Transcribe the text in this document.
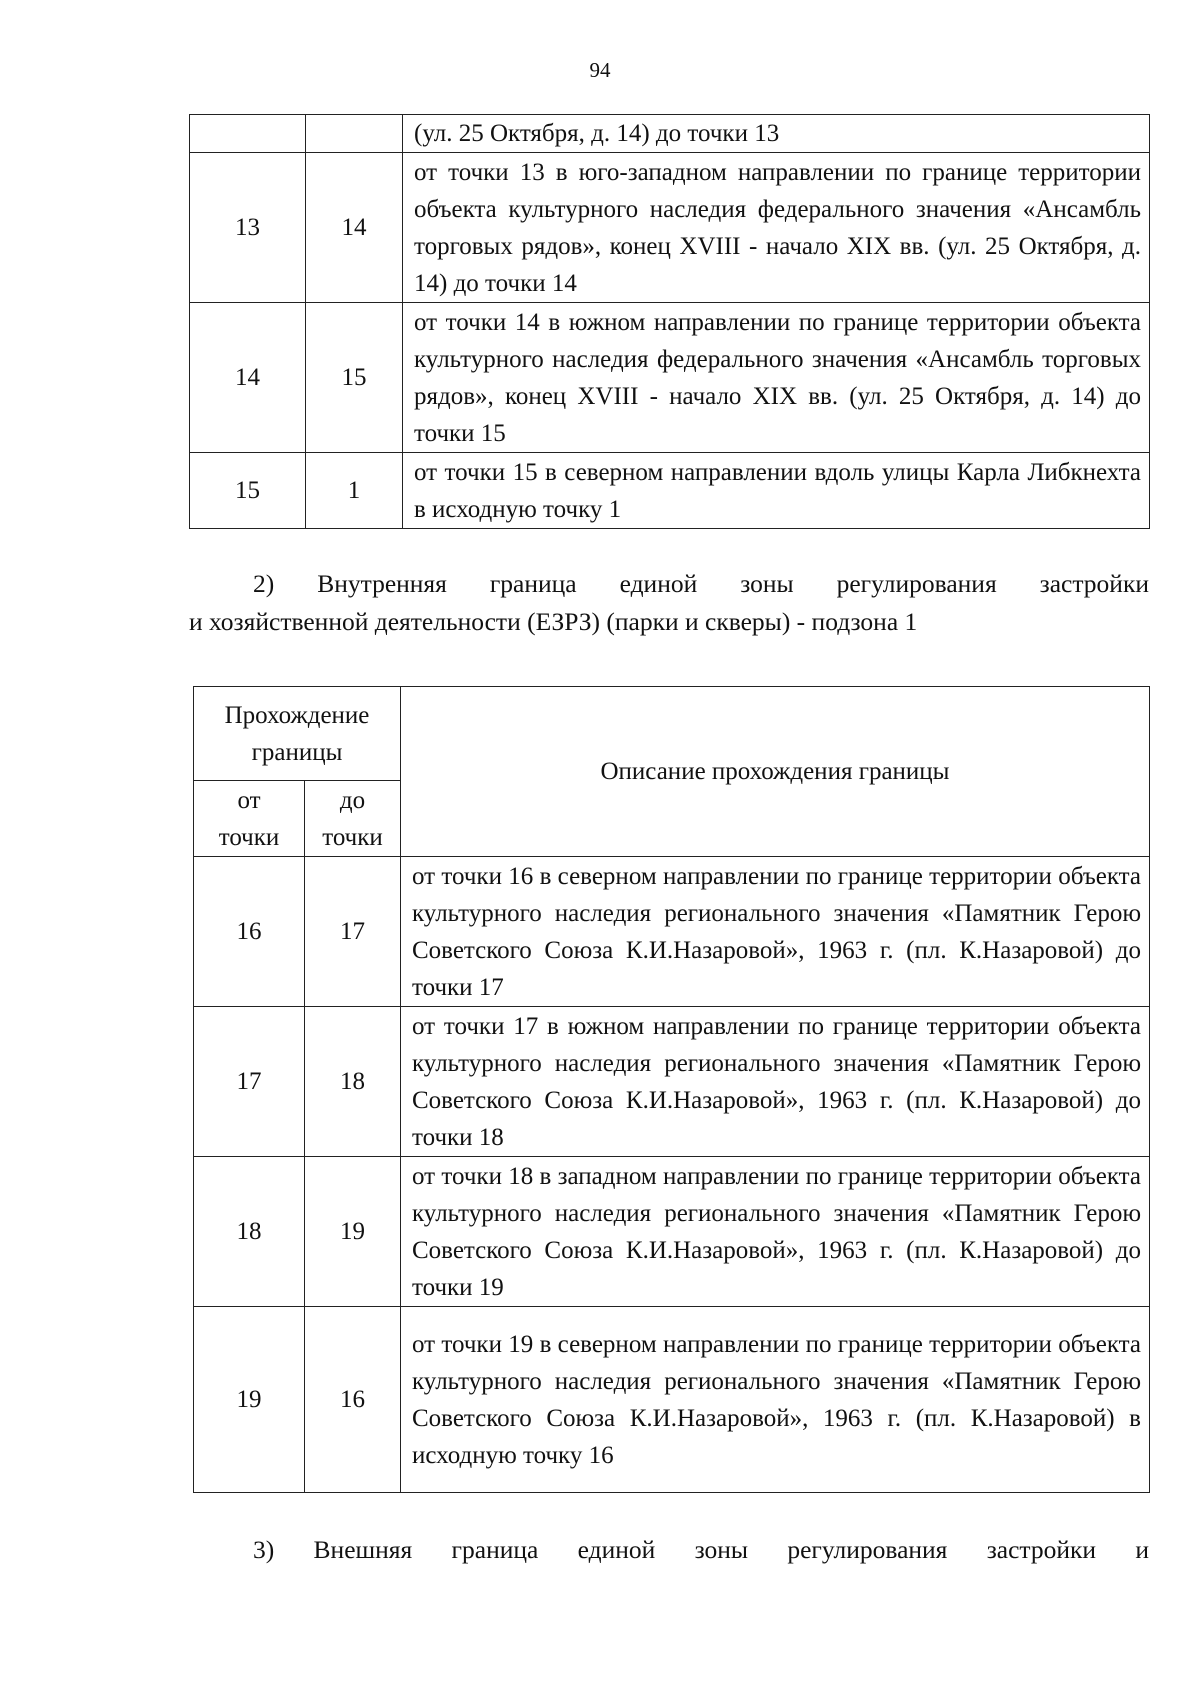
94
		(ул. 25 Октября, д. 14) до точки 13
13	14	от точки 13 в юго-западном направлении по границе территории объекта культурного наследия федерального значения «Ансамбль торговых рядов», конец XVIII - начало XIX вв. (ул. 25 Октября, д. 14) до точки 14
14	15	от точки 14 в южном направлении по границе территории объекта культурного наследия федерального значения «Ансамбль торговых рядов», конец XVIII - начало XIX вв. (ул. 25 Октября, д. 14) до точки 15
15	1	от точки 15 в северном направлении вдоль улицы Карла Либкнехта в исходную точку 1
2) Внутренняя граница единой зоны регулирования застройки
и хозяйственной деятельности (ЕЗРЗ) (парки и скверы) - подзона 1
Прохождение границы		Описание прохождения границы
от точки	до точки	
16	17	от точки 16 в северном направлении по границе территории объекта культурного наследия регионального значения «Памятник Герою Советского Союза К.И.Назаровой», 1963 г. (пл. К.Назаровой) до точки 17
17	18	от точки 17 в южном направлении по границе территории объекта культурного наследия регионального значения «Памятник Герою Советского Союза К.И.Назаровой», 1963 г. (пл. К.Назаровой) до точки 18
18	19	от точки 18 в западном направлении по границе территории объекта культурного наследия регионального значения «Памятник Герою Советского Союза К.И.Назаровой», 1963 г. (пл. К.Назаровой) до точки 19
19	16	от точки 19 в северном направлении по границе территории объекта культурного наследия регионального значения «Памятник Герою Советского Союза К.И.Назаровой», 1963 г. (пл. К.Назаровой) в исходную точку 16
3) Внешняя граница единой зоны регулирования застройки и
